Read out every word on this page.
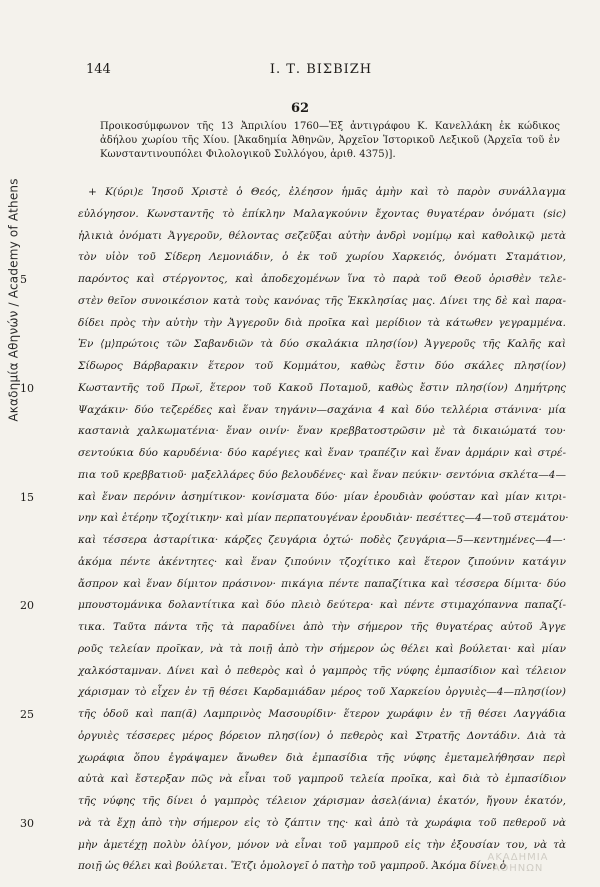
Ακαδημία Αθηνών / Academy of Athens
144	Ι. Τ. ΒΙΣΒΙΖΗ
62
Προικοσύμφωνον τῆς 13 Ἀπριλίου 1760—Ἐξ ἀντιγράφου Κ. Κανελλάκη ἐκ κώδικος ἀδήλου χωρίου τῆς Χίου. [Ἀκαδημία Ἀθηνῶν, Ἀρχεῖον Ἱστορικοῦ Λεξικοῦ (Ἀρχεῖα τοῦ ἐν Κωνσταντινουπόλει Φιλολογικοῦ Συλλόγου, ἀριθ. 4375)].
+ Κ(ύρι)ε Ἰησοῦ Χριστὲ ὁ Θεός, ἐλέησον ἡμᾶς ἀμὴν καὶ τὸ παρὸν συνάλλαγμα
εὐλόγησον. Κωνσταντῆς τὸ ἐπίκλην Μαλαγκούνιν ἔχοντας θυγατέραν ὀνόματι (sic)
ἡλικιὰ ὀνόματι Ἀγγεροῦν, θέλοντας σεζεῦξαι αὐτὴν ἀνδρὶ νομίμῳ καὶ καθολικῷ μετὰ
τὸν υἱὸν τοῦ Σίδερη Λεμονιάδιν, ὁ ἐκ τοῦ χωρίου Χαρκειός, ὀνόματι Σταμάτιον,
5	παρόντος καὶ στέργοντος, καὶ ἀποδεχομένων ἵνα τὸ παρὰ τοῦ Θεοῦ ὁρισθὲν τελε-
στὲν θεῖον συνοικέσιον κατὰ τοὺς κανόνας τῆς Ἐκκλησίας μας. Δίνει της δὲ καὶ παρα-
δίδει πρὸς τὴν αὐτὴν τὴν Ἀγγεροῦν διὰ προῖκα καὶ μερίδιον τὰ κάτωθεν γεγραμμένα.
Ἐν ⟨μ⟩πρώτοις τῶν Σαβανδιῶν τὰ δύο σκαλάκια πλησ(ίον) Ἀγγεροῦς τῆς Καλῆς καὶ
Σίδωρος Βάρβαρακιν ἕτερον τοῦ Κομμάτου, καθὼς ἔστιν δύο σκάλες πλησ(ίον)
10	Κωσταντῆς τοῦ Πρωϊ, ἕτερον τοῦ Κακοῦ Ποταμοῦ, καθὼς ἔστιν πλησ(ίον) Δημήτρης
Ψαχάκιν· δύο τεζερέδες καὶ ἕναν τηγάνιν—σαχάνια 4 καὶ δύο τελλέρια στάνινα· μία
καστανιὰ χαλκωματένια· ἕναν οινίν· ἕναν κρεββατοστρῶσιν μὲ τὰ δικαιώματά του·
σεντούκια δύο καρυδένια· δύο καρέγιες καὶ ἕναν τραπέζιν καὶ ἕναν ἀρμάριν καὶ στρέ-
πια τοῦ κρεββατιοῦ· μαξελλάρες δύο βελουδένες· καὶ ἕναν πεύκιν· σεντόνια σκλέτα—4—
15	καὶ ἕναν περόνιν ἀσημίτικον· κονίσματα δύο· μίαν ἐρουδιὰν φούσταν καὶ μίαν κιτρι-
νην καὶ ἑτέρην τζοχίτικην· καὶ μίαν περπατουγέναν ἐρουδιὰν· πεσέττες—4—τοῦ στεμάτου·
καὶ τέσσερα ἀσταρίτικα· κάρζες ζευγάρια ὀχτώ· ποδὲς ζευγάρια—5—κεντημένες—4—·
ἀκόμα πέντε ἀκέντητες· καὶ ἕναν ζιπούνιν τζοχίτικο καὶ ἕτερον ζιπούνιν κατάγιν
ἄσπρον καὶ ἕναν δίμιτον πράσινον· πικάγια πέντε παπαζίτικα καὶ τέσσερα δίμιτα· δύο
20	μπουστομάνικα δολαντίτικα καὶ δύο πλειὸ δεύτερα· καὶ πέντε στιμαχόπαννα παπαζί-
τικα. Ταῦτα πάντα τῆς τὰ παραδίνει ἀπὸ τὴν σήμερον τῆς θυγατέρας αὐτοῦ Ἀγγε
ροῦς τελείαν προῖκαν, νὰ τὰ ποιῇ ἀπὸ τὴν σήμερον ὡς θέλει καὶ βούλεται· καὶ μίαν
χαλκόσταμναν. Δίνει καὶ ὁ πεθερὸς καὶ ὁ γαμπρὸς τῆς νύφης ἐμπασίδιον καὶ τέλειον
χάρισμαν τὸ εἶχεν ἐν τῇ θέσει Καρδαμιάδαν μέρος τοῦ Χαρκείου ὀργυιὲς—4—πλησ(ίον)
25	τῆς ὁδοῦ καὶ παπ(ᾶ) Λαμπρινὸς Μασουρίδιν· ἕτερον χωράφιν ἐν τῇ θέσει Λαγγάδια
ὀργυιὲς τέσσερες μέρος βόρειον πλησ(ίον) ὁ πεθερὸς καὶ Στρατῆς Δοντάδιν. Διὰ τὰ
χωράφια ὅπου ἐγράψαμεν ἄνωθεν διὰ ἐμπασίδια τῆς νύφης ἐμεταμελήθησαν περὶ
αὐτὰ καὶ ἔστερξαν πῶς νὰ εἶναι τοῦ γαμπροῦ τελεία προῖκα, καὶ διὰ τὸ ἐμπασίδιον
τῆς νύφης τῆς δίνει ὁ γαμπρὸς τέλειον χάρισμαν ἀσελ(άνια) ἑκατόν, ἤγουν ἑκατόν,
30	νὰ τὰ ἔχῃ ἀπὸ τὴν σήμερον εἰς τὸ ζάπτιν της· καὶ ἀπὸ τὰ χωράφια τοῦ πεθεροῦ νὰ
μὴν ἀμετέχῃ πολὺν ὀλίγον, μόνον νὰ εἶναι τοῦ γαμπροῦ εἰς τὴν ἐξουσίαν του, νὰ τὰ
ποιῇ ὡς θέλει καὶ βούλεται. Ἔτζι ὁμολογεῖ ὁ πατὴρ τοῦ γαμπροῦ. Ἀκόμα δίνει ὁ
ΑΚΑΔΗΜΙΑ ΑΘΗΝΩΝ
